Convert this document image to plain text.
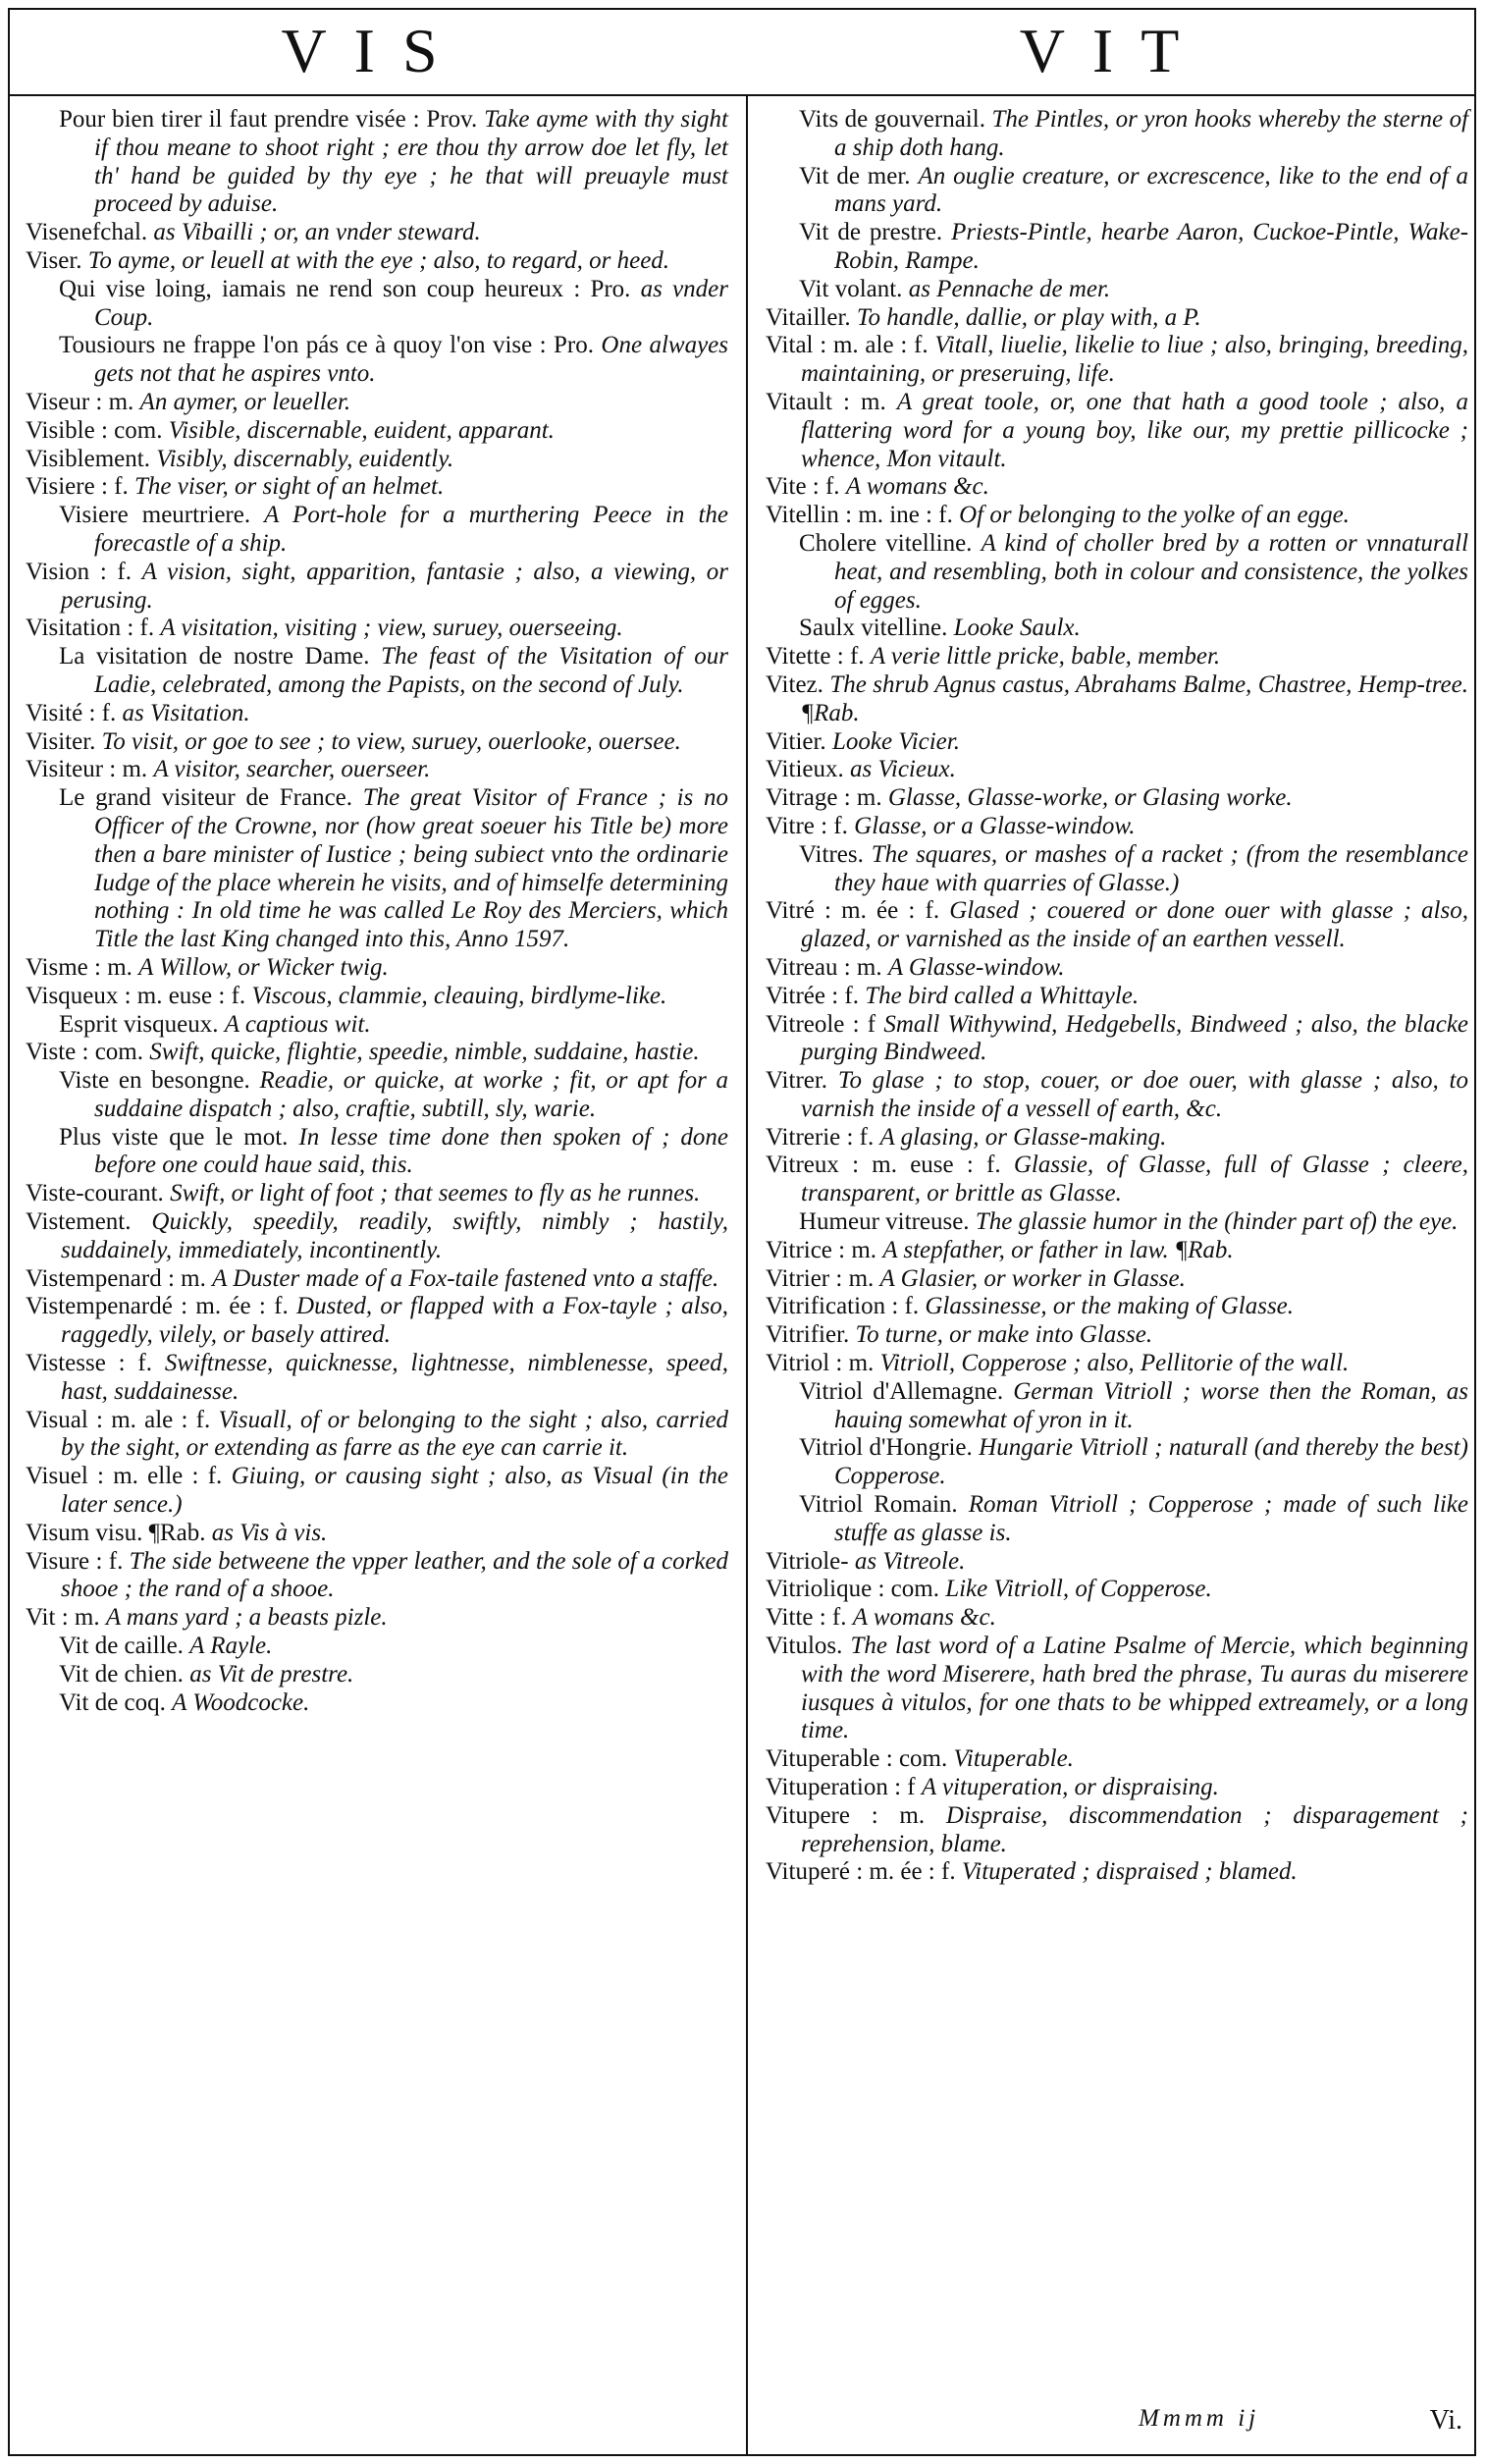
VIS	VIT

Pour bien tirer il faut prendre visée : Prov. Take ayme with thy sight if thou meane to shoot right ; ere thou thy arrow doe let fly, let th' hand be guided by thy eye ; he that will preuayle must proceed by aduise.

Visenefchal. as Vibailli ; or, an vnder steward.

Viser. To ayme, or leuell at with the eye ; also, to regard, or heed.

Qui vise loing, iamais ne rend son coup heureux : Pro. as vnder Coup.

Tousiours ne frappe l'on pás ce à quoy l'on vise : Pro. One alwayes gets not that he aspires vnto.

Viseur : m. An aymer, or leueller.

Visible : com. Visible, discernable, euident, apparant.

Visiblement. Visibly, discernably, euidently.

Visiere : f. The viser, or sight of an helmet.

Visiere meurtriere. A Port-hole for a murthering Peece in the forecastle of a ship.

Vision : f. A vision, sight, apparition, fantasie ; also, a viewing, or perusing.

Visitation : f. A visitation, visiting ; view, suruey, ouerseeing.

La visitation de nostre Dame. The feast of the Visitation of our Ladie, celebrated, among the Papists, on the second of July.

Visité : f. as Visitation.

Visiter. To visit, or goe to see ; to view, suruey, ouerlooke, ouersee.

Visiteur : m. A visitor, searcher, ouerseer.

Le grand visiteur de France. The great Visitor of France ; is no Officer of the Crowne, nor (how great soeuer his Title be) more then a bare minister of Iustice ; being subiect vnto the ordinarie Iudge of the place wherein he visits, and of himselfe determining nothing : In old time he was called Le Roy des Merciers, which Title the last King changed into this, Anno 1597.

Visme : m. A Willow, or Wicker twig.

Visqueux : m. euse : f. Viscous, clammie, cleauing, birdlyme-like.

Esprit visqueux. A captious wit.

Viste : com. Swift, quicke, flightie, speedie, nimble, suddaine, hastie.

Viste en besongne. Readie, or quicke, at worke ; fit, or apt for a suddaine dispatch ; also, craftie, subtill, sly, warie.

Plus viste que le mot. In lesse time done then spoken of ; done before one could haue said, this.

Viste-courant. Swift, or light of foot ; that seemes to fly as he runnes.

Vistement. Quickly, speedily, readily, swiftly, nimbly ; hastily, suddainely, immediately, incontinently.

Vistempenard : m. A Duster made of a Fox-taile fastened vnto a staffe.

Vistempenardé : m. ée : f. Dusted, or flapped with a Fox-tayle ; also, raggedly, vilely, or basely attired.

Vistesse : f. Swiftnesse, quicknesse, lightnesse, nimblenesse, speed, hast, suddainesse.

Visual : m. ale : f. Visuall, of or belonging to the sight ; also, carried by the sight, or extending as farre as the eye can carrie it.

Visuel : m. elle : f. Giuing, or causing sight ; also, as Visual (in the later sence.)

Visum visu. ¶Rab. as Vis à vis.

Visure : f. The side betweene the vpper leather, and the sole of a corked shooe ; the rand of a shooe.

Vit : m. A mans yard ; a beasts pizle.

Vit de caille. A Rayle.

Vit de chien. as Vit de prestre.

Vit de coq. A Woodcocke.

Vits de gouvernail. The Pintles, or yron hooks whereby the sterne of a ship doth hang.

Vit de mer. An ouglie creature, or excrescence, like to the end of a mans yard.

Vit de prestre. Priests-Pintle, hearbe Aaron, Cuckoe-Pintle, Wake-Robin, Rampe.

Vit volant. as Pennache de mer.

Vitailler. To handle, dallie, or play with, a P.

Vital : m. ale : f. Vitall, liuelie, likelie to liue ; also, bringing, breeding, maintaining, or preseruing, life.

Vitault : m. A great toole, or, one that hath a good toole ; also, a flattering word for a young boy, like our, my prettie pillicocke ; whence, Mon vitault.

Vite : f. A womans &c.

Vitellin : m. ine : f. Of or belonging to the yolke of an egge.

Cholere vitelline. A kind of choller bred by a rotten or vnnaturall heat, and resembling, both in colour and consistence, the yolkes of egges.

Saulx vitelline. Looke Saulx.

Vitette : f. A verie little pricke, bable, member.

Vitez. The shrub Agnus castus, Abrahams Balme, Chastree, Hemp-tree. ¶Rab.

Vitier. Looke Vicier.

Vitieux. as Vicieux.

Vitrage : m. Glasse, Glasse-worke, or Glasing worke.

Vitre : f. Glasse, or a Glasse-window.

Vitres. The squares, or mashes of a racket ; (from the resemblance they haue with quarries of Glasse.)

Vitré : m. ée : f. Glased ; couered or done ouer with glasse ; also, glazed, or varnished as the inside of an earthen vessell.

Vitreau : m. A Glasse-window.

Vitrée : f. The bird called a Whittayle.

Vitreole : f Small Withywind, Hedgebells, Bindweed ; also, the blacke purging Bindweed.

Vitrer. To glase ; to stop, couer, or doe ouer, with glasse ; also, to varnish the inside of a vessell of earth, &c.

Vitrerie : f. A glasing, or Glasse-making.

Vitreux : m. euse : f. Glassie, of Glasse, full of Glasse ; cleere, transparent, or brittle as Glasse.

Humeur vitreuse. The glassie humor in the (hinder part of) the eye.

Vitrice : m. A stepfather, or father in law. ¶Rab.

Vitrier : m. A Glasier, or worker in Glasse.

Vitrification : f. Glassinesse, or the making of Glasse.

Vitrifier. To turne, or make into Glasse.

Vitriol : m. Vitrioll, Copperose ; also, Pellitorie of the wall.

Vitriol d'Allemagne. German Vitrioll ; worse then the Roman, as hauing somewhat of yron in it.

Vitriol d'Hongrie. Hungarie Vitrioll ; naturall (and thereby the best) Copperose.

Vitriol Romain. Roman Vitrioll ; Copperose ; made of such like stuffe as glasse is.

Vitriole- as Vitreole.

Vitriolique : com. Like Vitrioll, of Copperose.

Vitte : f. A womans &c.

Vitulos. The last word of a Latine Psalme of Mercie, which beginning with the word Miserere, hath bred the phrase, Tu auras du miserere iusques à vitulos, for one thats to be whipped extreamely, or a long time.

Vituperable : com. Vituperable.

Vituperation : f A vituperation, or dispraising.

Vitupere : m. Dispraise, discommendation ; disparagement ; reprehension, blame.

Vituperé : m. ée : f. Vituperated ; dispraised ; blamed.

Mmmm ij	Vi.
